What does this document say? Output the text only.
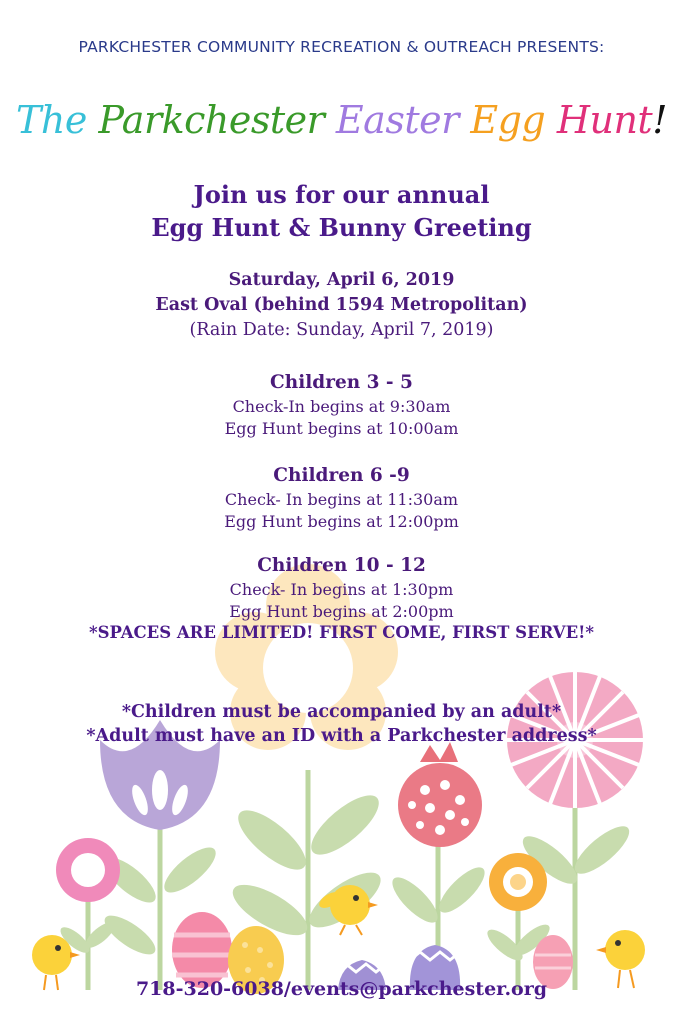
PARKCHESTER COMMUNITY RECREATION & OUTREACH PRESENTS:
The Parkchester Easter Egg Hunt!
Join us for our annual
Egg Hunt & Bunny Greeting
Saturday, April 6, 2019
East Oval (behind 1594 Metropolitan)
(Rain Date: Sunday, April 7, 2019)
Children 3 - 5
Check-In begins at 9:30am
Egg Hunt begins at 10:00am
Children 6 -9
Check- In begins at 11:30am
Egg Hunt begins at 12:00pm
Children 10 - 12
Check- In begins at 1:30pm
Egg Hunt begins at 2:00pm
*SPACES ARE LIMITED! FIRST COME, FIRST SERVE!*
*Children must be accompanied by an adult*
*Adult must have an ID with a Parkchester address*
718-320-6038/events@parkchester.org
